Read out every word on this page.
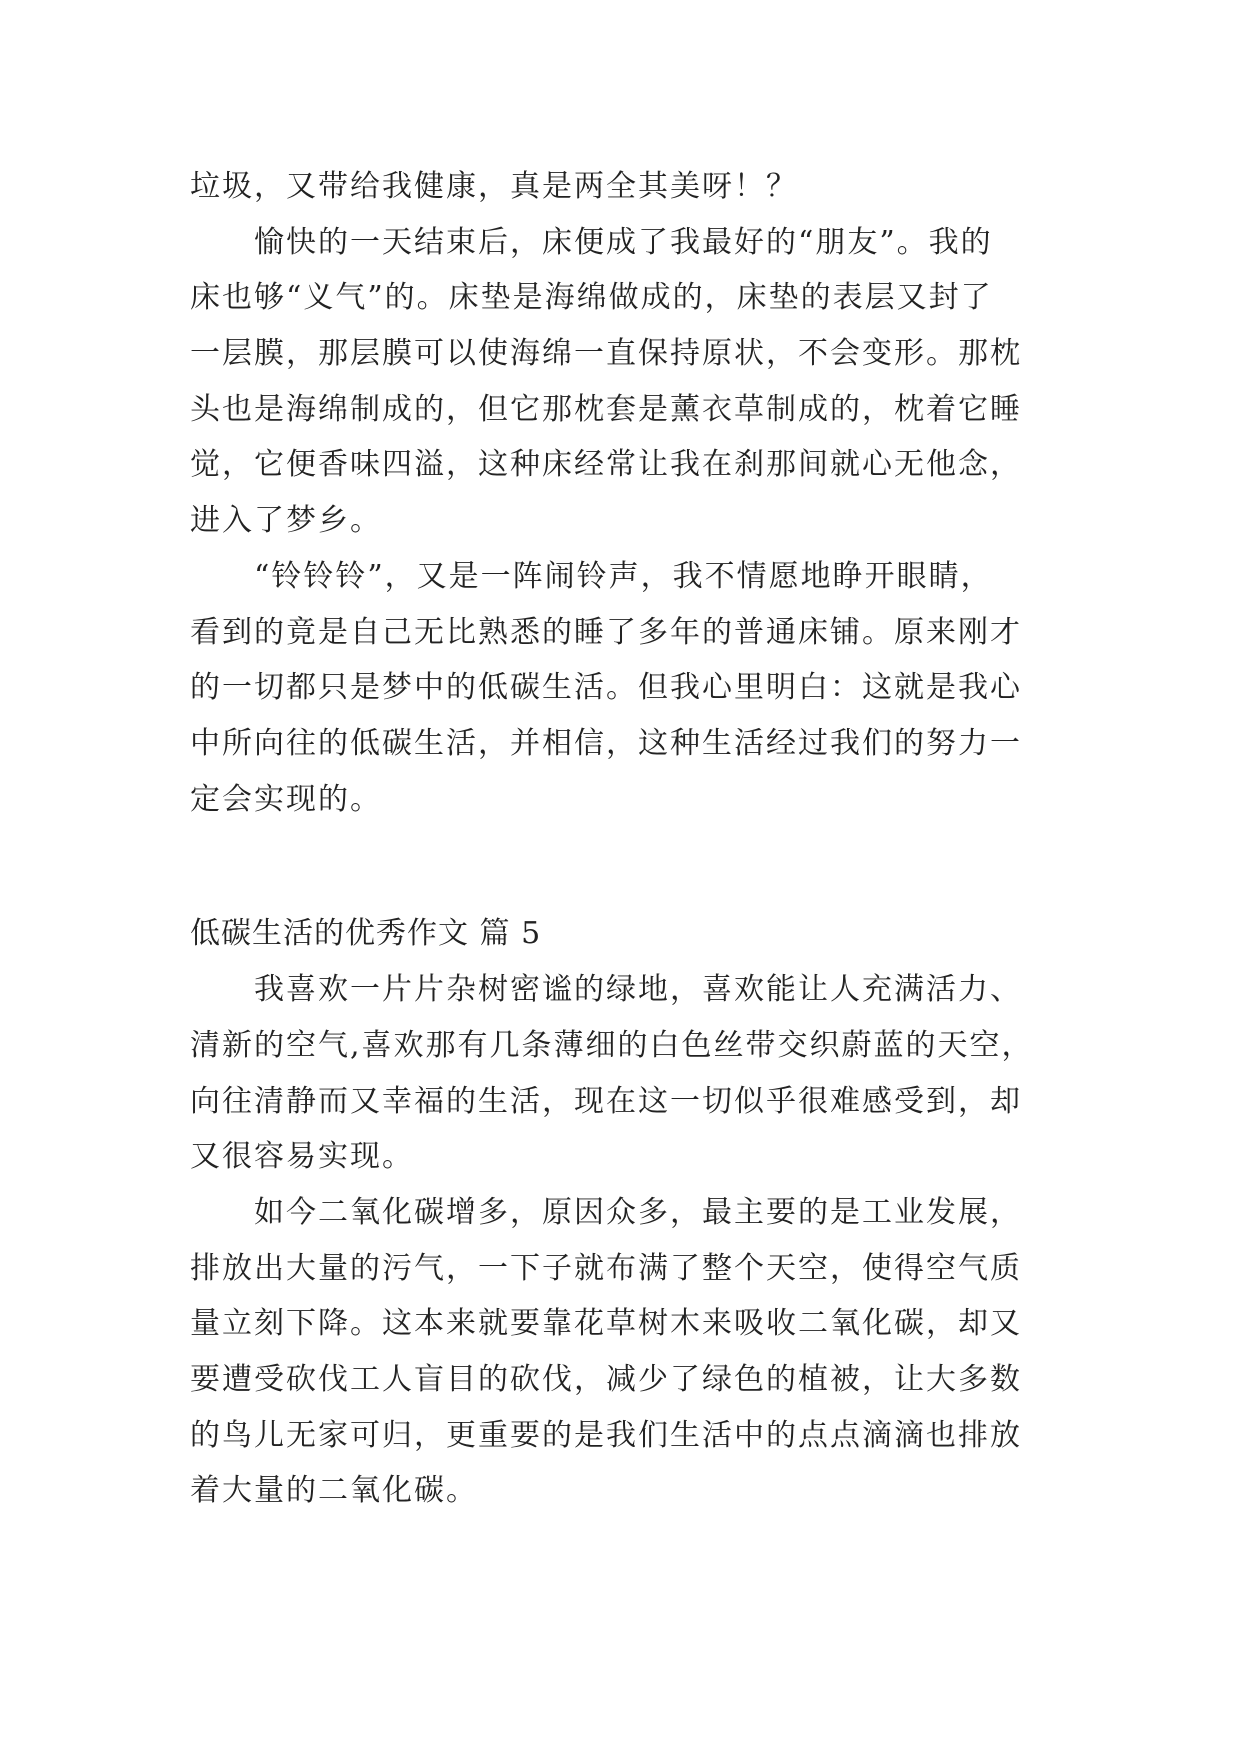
垃圾，又带给我健康，真是两全其美呀！？
愉快的一天结束后，床便成了我最好的“朋友”。我的
床也够“义气”的。床垫是海绵做成的，床垫的表层又封了
一层膜，那层膜可以使海绵一直保持原状，不会变形。那枕
头也是海绵制成的，但它那枕套是薰衣草制成的，枕着它睡
觉，它便香味四溢，这种床经常让我在刹那间就心无他念，
进入了梦乡。
“铃铃铃”，又是一阵闹铃声，我不情愿地睁开眼睛，
看到的竟是自己无比熟悉的睡了多年的普通床铺。原来刚才
的一切都只是梦中的低碳生活。但我心里明白：这就是我心
中所向往的低碳生活，并相信，这种生活经过我们的努力一
定会实现的。
低碳生活的优秀作文 篇 5
我喜欢一片片杂树密谧的绿地，喜欢能让人充满活力、
清新的空气,喜欢那有几条薄细的白色丝带交织蔚蓝的天空，
向往清静而又幸福的生活，现在这一切似乎很难感受到，却
又很容易实现。
如今二氧化碳增多，原因众多，最主要的是工业发展，
排放出大量的污气，一下子就布满了整个天空，使得空气质
量立刻下降。这本来就要靠花草树木来吸收二氧化碳，却又
要遭受砍伐工人盲目的砍伐，减少了绿色的植被，让大多数
的鸟儿无家可归，更重要的是我们生活中的点点滴滴也排放
着大量的二氧化碳。
